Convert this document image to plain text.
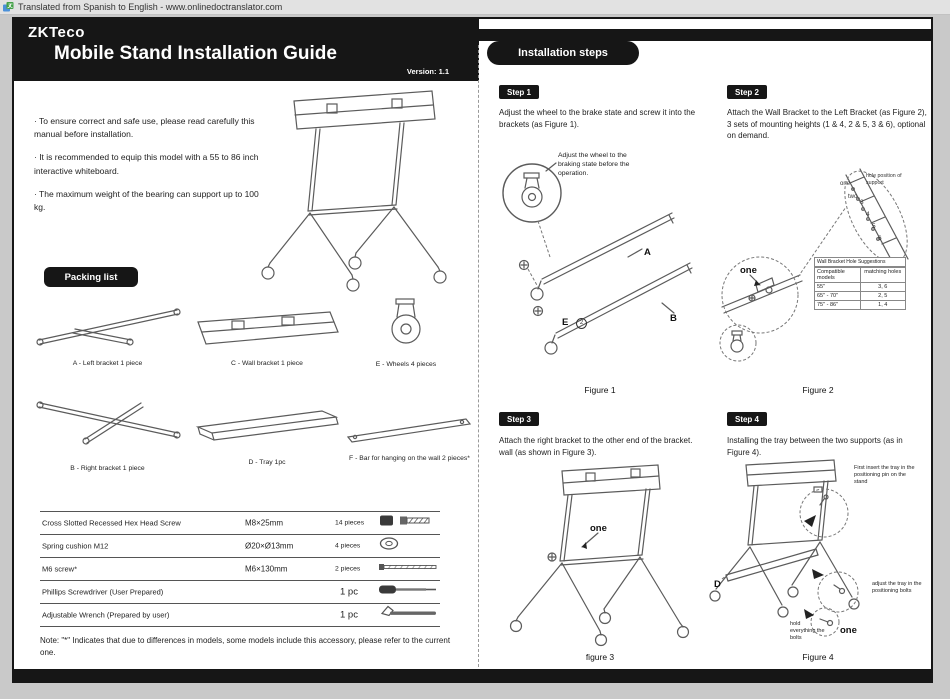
Translated from Spanish to English - www.onlinedoctranslator.com
ZKTeco
Mobile Stand Installation Guide
Version: 1.1

· To ensure correct and safe use, please read carefully this manual before installation.

· It is recommended to equip this model with a 55 to 86 inch interactive whiteboard.

· The maximum weight of the bearing can support up to 100 kg.

Packing list
A - Left bracket 1 piece	C - Wall bracket 1 piece	E - Wheels 4 pieces
B - Right bracket 1 piece
D - Tray 1pc
F - Bar for hanging on the wall 2 pieces*
Cross Slotted Recessed Hex Head Screw	M8×25mm	14 pieces
Spring cushion M12	Ø20×Ø13mm	4 pieces
M6 screw*	M6×130mm	2 pieces
Phillips Screwdriver (User Prepared)	1 pc
Adjustable Wrench (Prepared by user)	1 pc

Note: "*" Indicates that due to differences in models, some models include this accessory, please refer to the current one.

Installation steps
Step 1

Adjust the wheel to the brake state and screw it into the brackets (as Figure 1).

Adjust the wheel to the braking state before the operation.
A
B
E	2
Figure 1
Step 2

Attach the Wall Bracket to the Left Bracket (as Figure 2), 3 sets of mounting heights (1 & 4, 2 & 5, 3 & 6), optional on demand.

one
two
hole position of support
3
4
5
6
one
Wall Bracket Hole Suggestions
Compatible models
matching holes
55"	3, 6
65" - 70"	2, 5
75" - 86"	1, 4
Figure 2
Step 3

Attach the right bracket to the other end of the bracket. wall (as shown in Figure 3).

one
figure 3
Step 4

Installing the tray between the two supports (as in Figure 4).

D
First insert the tray in the positioning pin on the stand
adjust the tray in the positioning bolts
hold everything the bolts
one
Figure 4
